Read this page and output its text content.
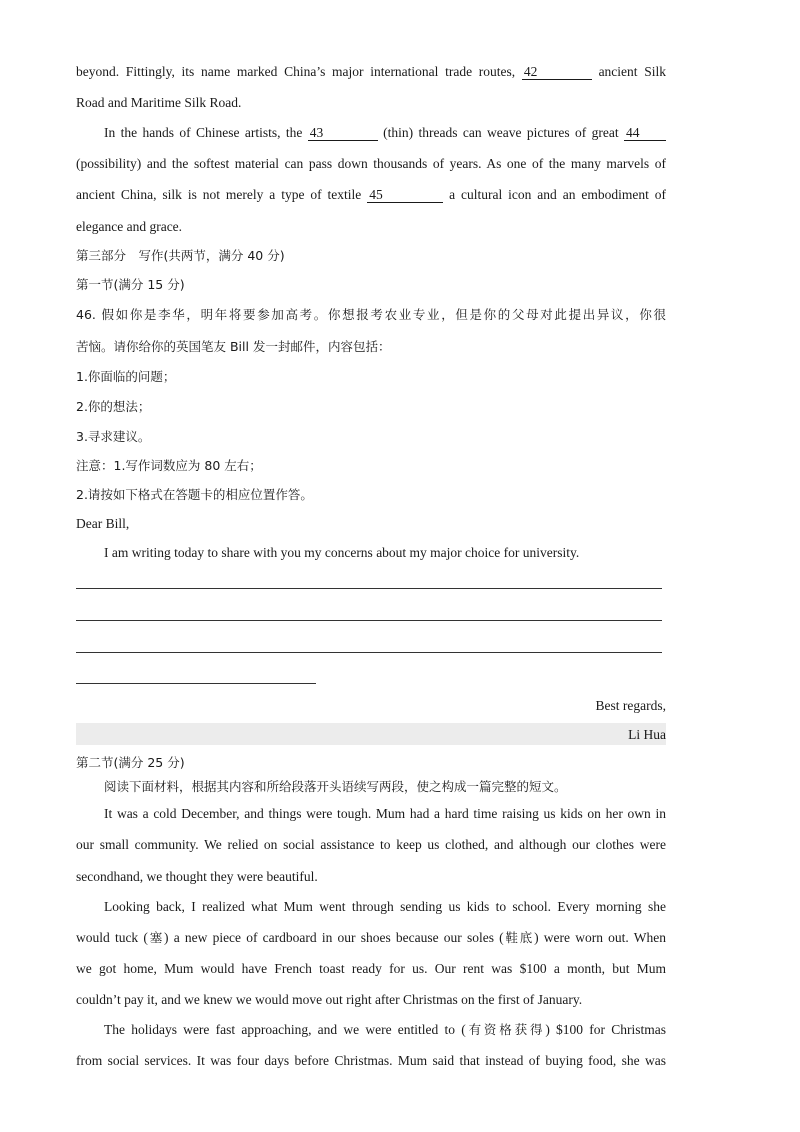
beyond. Fittingly, its name marked China’s major international trade routes, 42	ancient Silk
Road and Maritime Silk Road.
In the hands of Chinese artists, the 43	(thin) threads can weave pictures of great 44
(possibility) and the softest material can pass down thousands of years. As one of the many marvels of
ancient China, silk is not merely a type of textile 45	a cultural icon and an embodiment of
elegance and grace.
第三部分　写作(共两节，满分 40 分)
第一节(满分 15 分)
46. 假如你是李华，明年将要参加高考。你想报考农业专业，但是你的父母对此提出异议，你很
苦恼。请你给你的英国笔友 Bill 发一封邮件，内容包括：
1.你面临的问题；
2.你的想法；
3.寻求建议。
注意：1.写作词数应为 80 左右；
2.请按如下格式在答题卡的相应位置作答。
Dear Bill,
I am writing today to share with you my concerns about my major choice for university.
Best regards,
Li Hua
第二节(满分 25 分)
阅读下面材料，根据其内容和所给段落开头语续写两段，使之构成一篇完整的短文。
It was a cold December, and things were tough. Mum had a hard time raising us kids on her own in
our small community. We relied on social assistance to keep us clothed, and although our clothes were
secondhand, we thought they were beautiful.
Looking back, I realized what Mum went through sending us kids to school. Every morning she
would tuck (塞) a new piece of cardboard in our shoes because our soles (鞋底) were worn out. When
we got home, Mum would have French toast ready for us. Our rent was $100 a month, but Mum
couldn’t pay it, and we knew we would move out right after Christmas on the first of January.
The holidays were fast approaching, and we were entitled to (有资格获得) $100 for Christmas
from social services. It was four days before Christmas. Mum said that instead of buying food, she was
